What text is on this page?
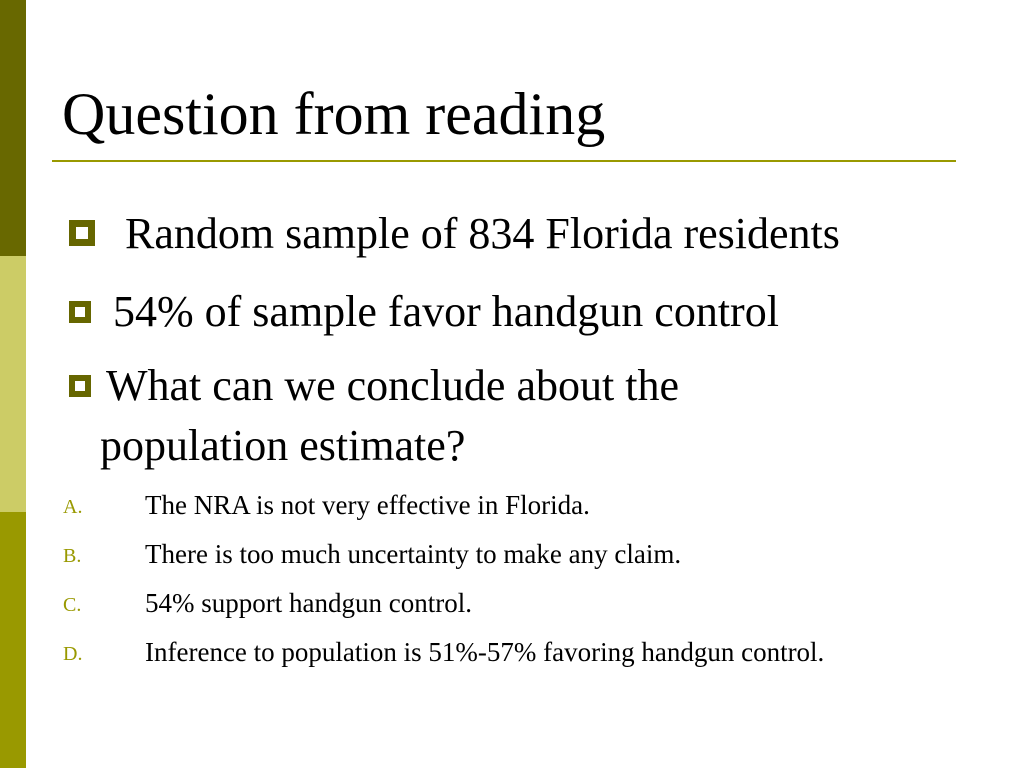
Question from reading
Random sample of 834 Florida residents
54% of sample favor handgun control
What can we conclude about the
population estimate?
A. The NRA is not very effective in Florida.
B. There is too much uncertainty to make any claim.
C. 54% support handgun control.
D. Inference to population is 51%-57% favoring handgun control.
